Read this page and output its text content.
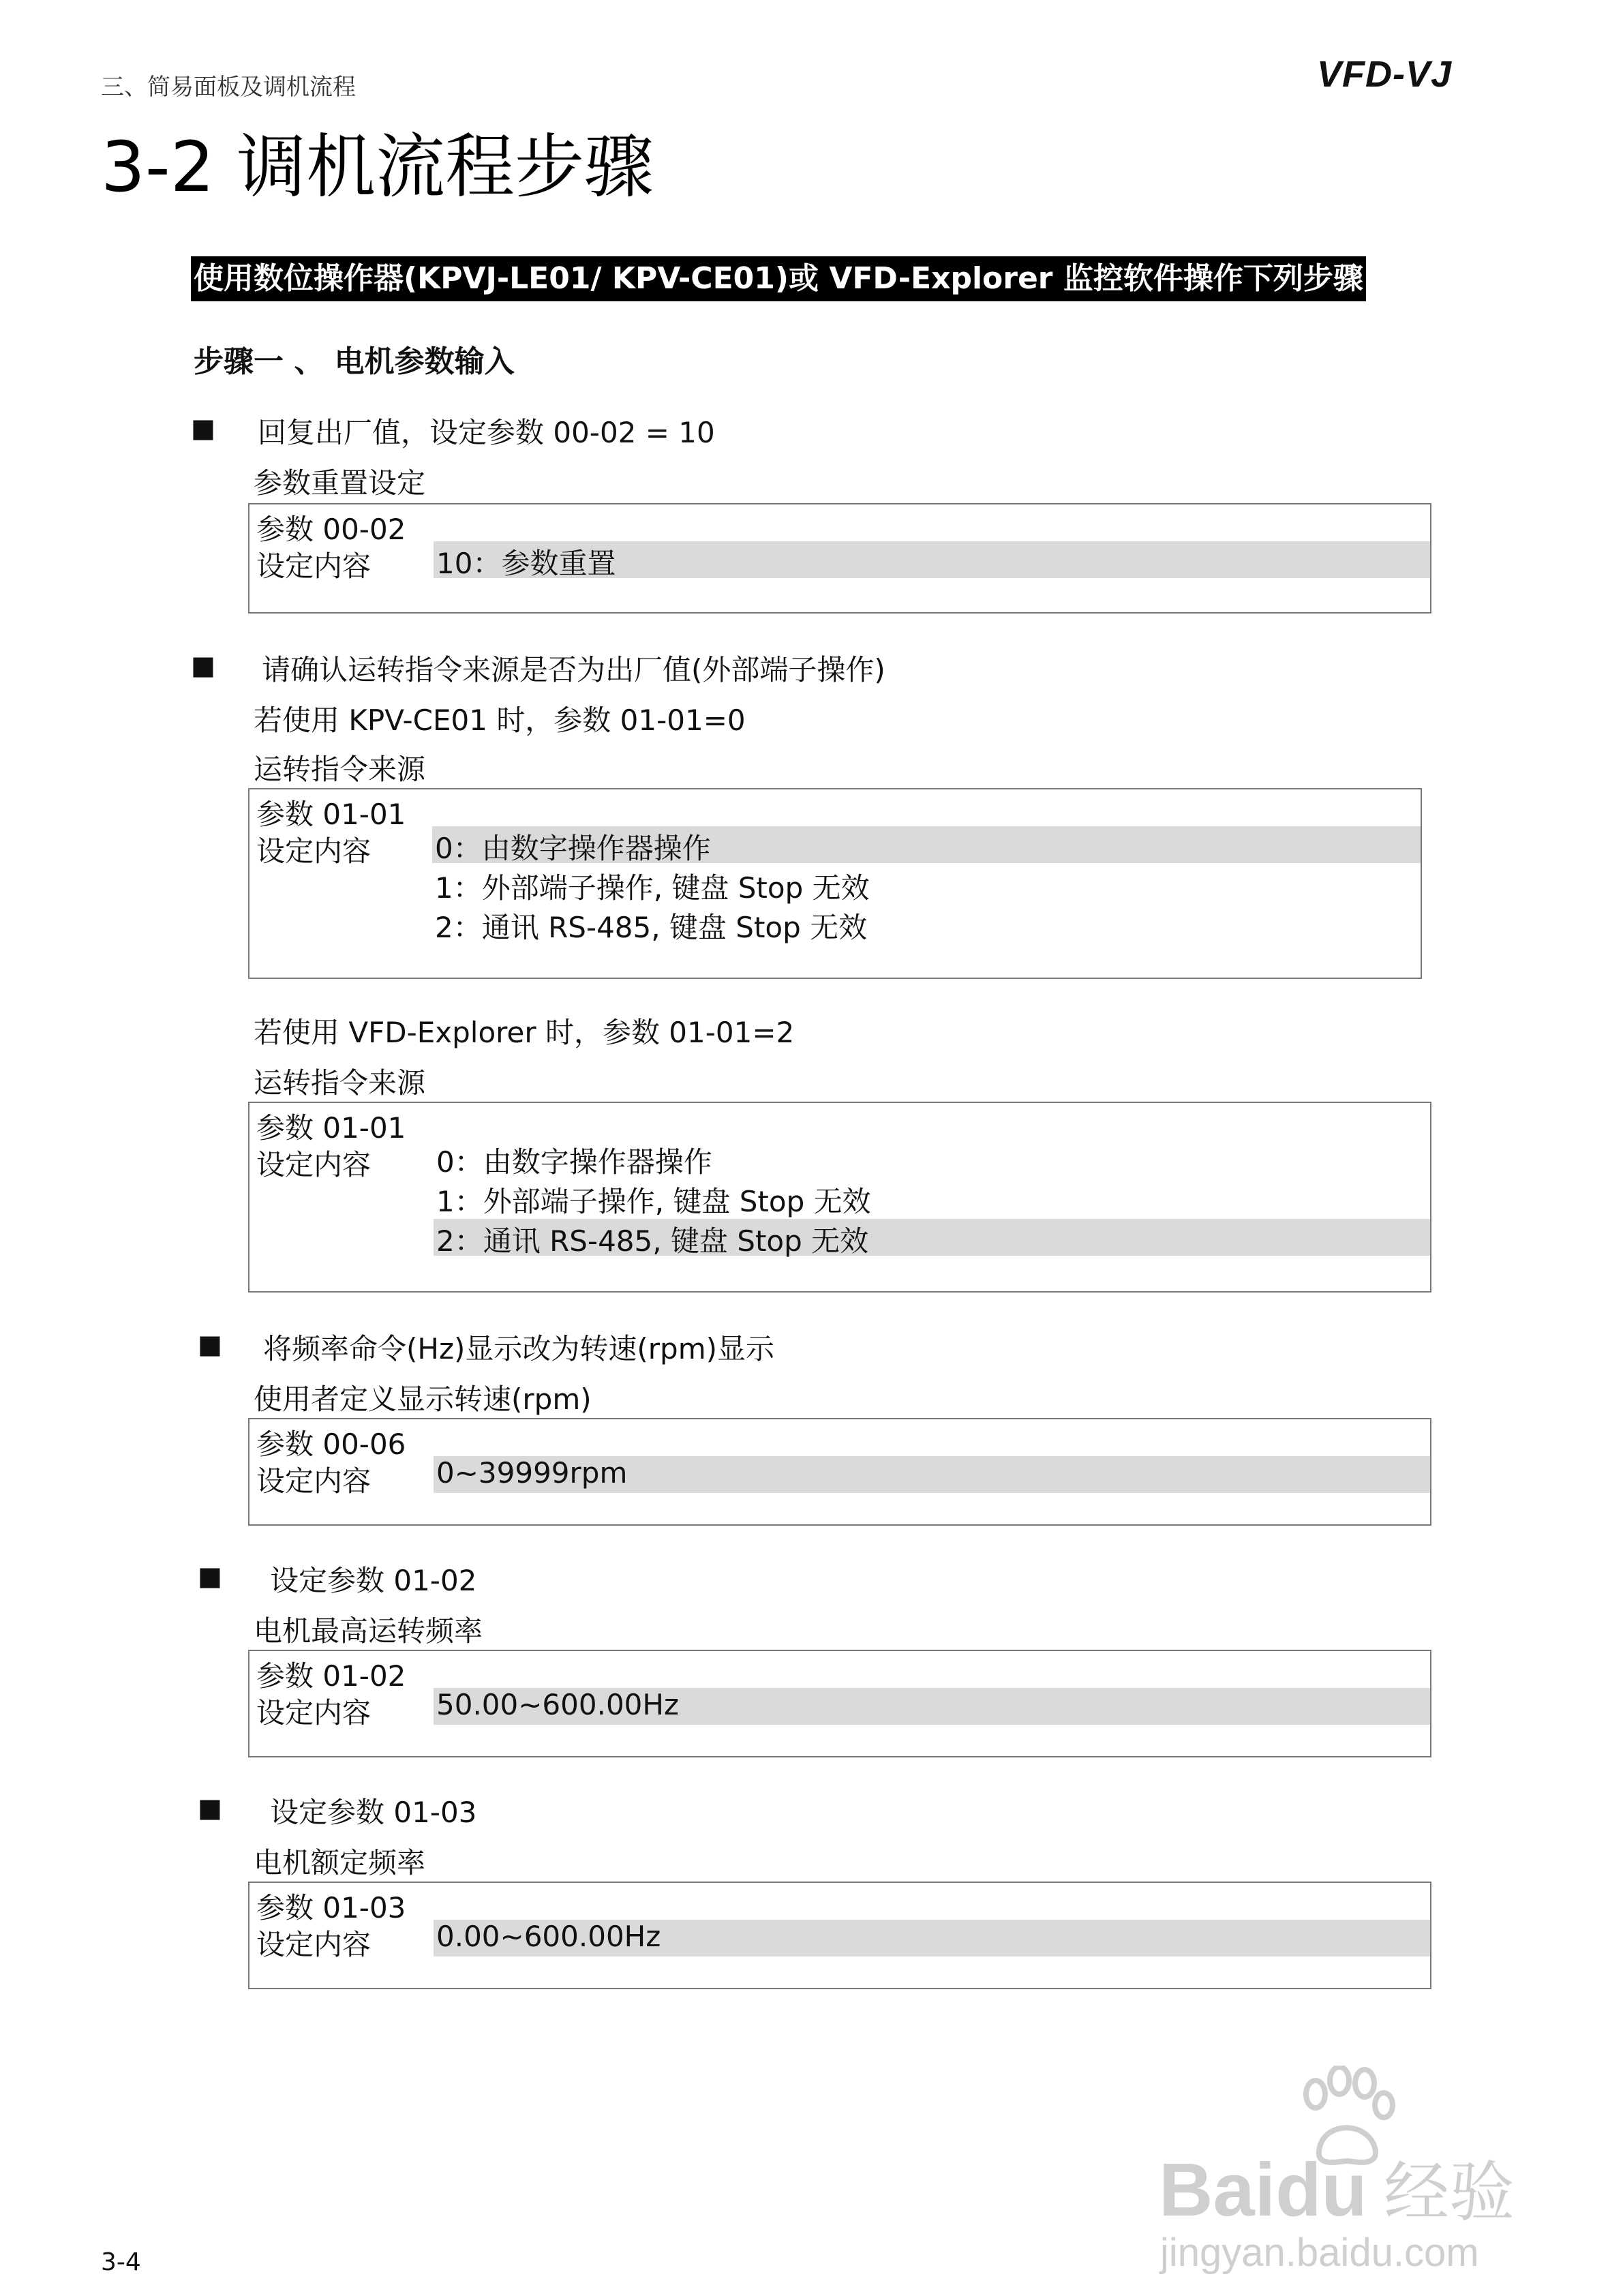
三、简易面板及调机流程	VFD-VJ
3-2 调机流程步骤
使用数位操作器(KPVJ-LE01/ KPV-CE01)或 VFD-Explorer 监控软件操作下列步骤
步骤一 、 电机参数输入
■ 回复出厂值，设定参数 00-02 = 10
参数重置设定
参数 00-02
设定内容 10：参数重置
■ 请确认运转指令来源是否为出厂值(外部端子操作)
若使用 KPV-CE01 时，参数 01-01=0
运转指令来源
参数 01-01
设定内容 0：由数字操作器操作
1：外部端子操作, 键盘 Stop 无效
2：通讯 RS-485, 键盘 Stop 无效
若使用 VFD-Explorer 时，参数 01-01=2
运转指令来源
参数 01-01
设定内容 0：由数字操作器操作
1：外部端子操作, 键盘 Stop 无效
2：通讯 RS-485, 键盘 Stop 无效
■ 将频率命令(Hz)显示改为转速(rpm)显示
使用者定义显示转速(rpm)
参数 00-06
设定内容 0~39999rpm
■ 设定参数 01-02
电机最高运转频率
参数 01-02
设定内容 50.00~600.00Hz
■ 设定参数 01-03
电机额定频率
参数 01-03
设定内容 0.00~600.00Hz
Baidu 经验
jingyan.baidu.com
3-4
